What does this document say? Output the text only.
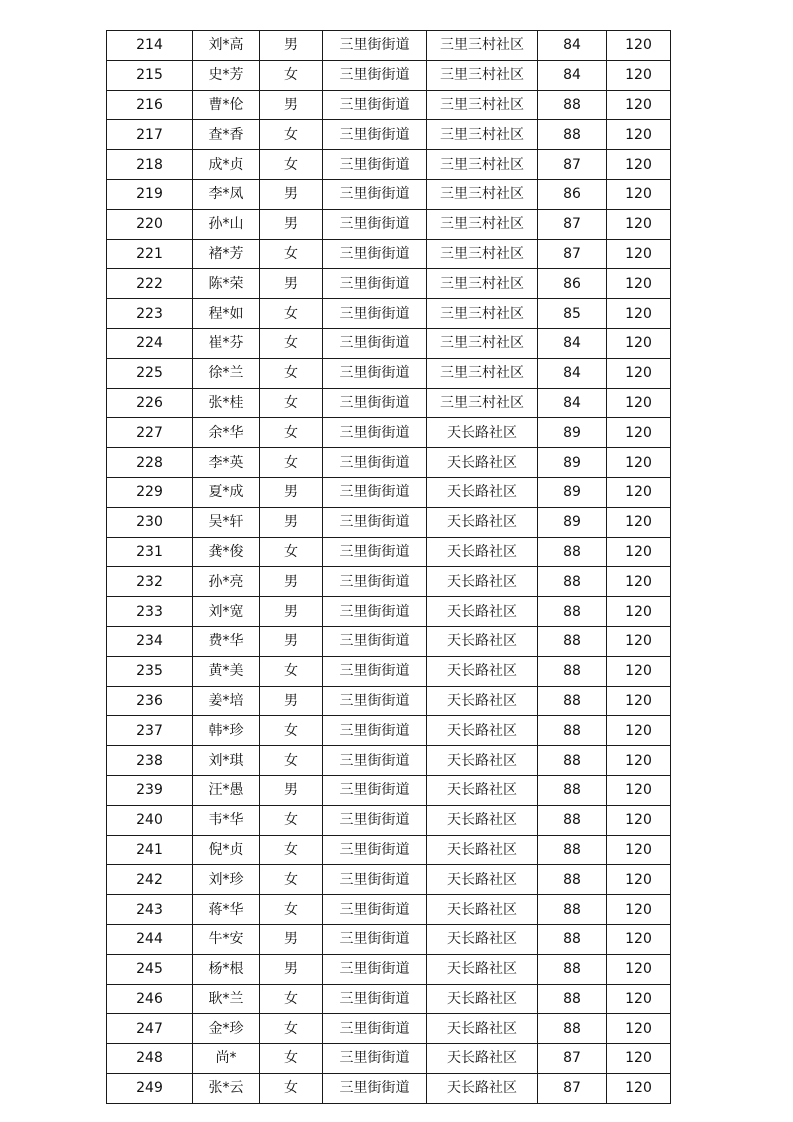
214	刘*高	男	三里街街道	三里三村社区	84	120
215	史*芳	女	三里街街道	三里三村社区	84	120
216	曹*伦	男	三里街街道	三里三村社区	88	120
217	查*香	女	三里街街道	三里三村社区	88	120
218	成*贞	女	三里街街道	三里三村社区	87	120
219	李*凤	男	三里街街道	三里三村社区	86	120
220	孙*山	男	三里街街道	三里三村社区	87	120
221	褚*芳	女	三里街街道	三里三村社区	87	120
222	陈*荣	男	三里街街道	三里三村社区	86	120
223	程*如	女	三里街街道	三里三村社区	85	120
224	崔*芬	女	三里街街道	三里三村社区	84	120
225	徐*兰	女	三里街街道	三里三村社区	84	120
226	张*桂	女	三里街街道	三里三村社区	84	120
227	余*华	女	三里街街道	天长路社区	89	120
228	李*英	女	三里街街道	天长路社区	89	120
229	夏*成	男	三里街街道	天长路社区	89	120
230	吴*轩	男	三里街街道	天长路社区	89	120
231	龚*俊	女	三里街街道	天长路社区	88	120
232	孙*亮	男	三里街街道	天长路社区	88	120
233	刘*宽	男	三里街街道	天长路社区	88	120
234	费*华	男	三里街街道	天长路社区	88	120
235	黄*美	女	三里街街道	天长路社区	88	120
236	姜*培	男	三里街街道	天长路社区	88	120
237	韩*珍	女	三里街街道	天长路社区	88	120
238	刘*琪	女	三里街街道	天长路社区	88	120
239	汪*愚	男	三里街街道	天长路社区	88	120
240	韦*华	女	三里街街道	天长路社区	88	120
241	倪*贞	女	三里街街道	天长路社区	88	120
242	刘*珍	女	三里街街道	天长路社区	88	120
243	蒋*华	女	三里街街道	天长路社区	88	120
244	牛*安	男	三里街街道	天长路社区	88	120
245	杨*根	男	三里街街道	天长路社区	88	120
246	耿*兰	女	三里街街道	天长路社区	88	120
247	金*珍	女	三里街街道	天长路社区	88	120
248	尚*	女	三里街街道	天长路社区	87	120
249	张*云	女	三里街街道	天长路社区	87	120
